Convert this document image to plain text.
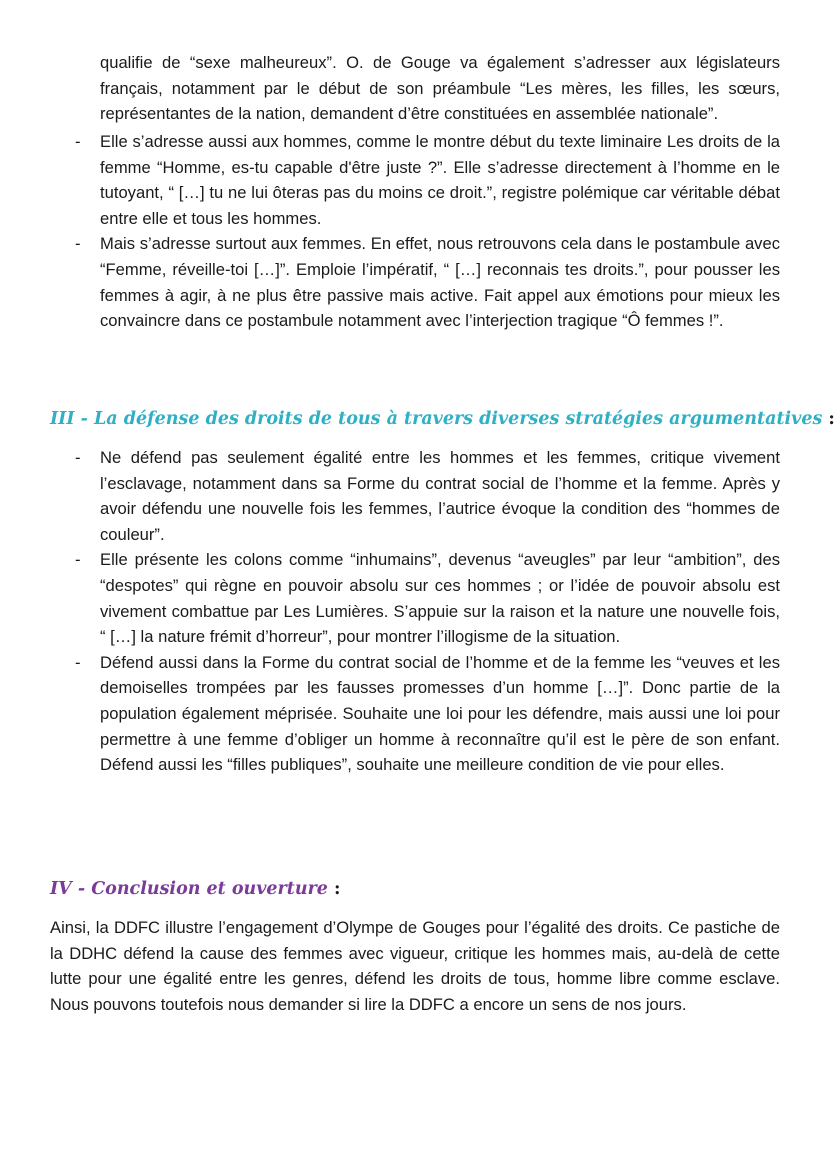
qualifie de “sexe malheureux”. O. de Gouge va également s’adresser aux législateurs français, notamment par le début de son préambule “Les mères, les filles, les sœurs, représentantes de la nation, demandent d’être constituées en assemblée nationale”.

- Elle s’adresse aussi aux hommes, comme le montre début du texte liminaire Les droits de la femme “Homme, es-tu capable d'être juste ?”. Elle s’adresse directement à l’homme en le tutoyant, “ […] tu ne lui ôteras pas du moins ce droit.”, registre polémique car véritable débat entre elle et tous les hommes.
- Mais s’adresse surtout aux femmes. En effet, nous retrouvons cela dans le postambule avec “Femme, réveille-toi […]”. Emploie l’impératif, “ […] reconnais tes droits.”, pour pousser les femmes à agir, à ne plus être passive mais active. Fait appel aux émotions pour mieux les convaincre dans ce postambule notamment avec l’interjection tragique “Ô femmes !”.
III - La défense des droits de tous à travers diverses stratégies argumentatives :
- Ne défend pas seulement égalité entre les hommes et les femmes, critique vivement l’esclavage, notamment dans sa Forme du contrat social de l’homme et la femme. Après y avoir défendu une nouvelle fois les femmes, l’autrice évoque la condition des “hommes de couleur”.
- Elle présente les colons comme “inhumains”, devenus “aveugles” par leur “ambition”, des “despotes” qui règne en pouvoir absolu sur ces hommes ; or l’idée de pouvoir absolu est vivement combattue par Les Lumières. S’appuie sur la raison et la nature une nouvelle fois, “ […] la nature frémit d’horreur”, pour montrer l’illogisme de la situation.
- Défend aussi dans la Forme du contrat social de l’homme et de la femme les “veuves et les demoiselles trompées par les fausses promesses d’un homme […]”. Donc partie de la population également méprisée. Souhaite une loi pour les défendre, mais aussi une loi pour permettre à une femme d’obliger un homme à reconnaître qu’il est le père de son enfant. Défend aussi les “filles publiques”, souhaite une meilleure condition de vie pour elles.
IV - Conclusion et ouverture :

Ainsi, la DDFC illustre l’engagement d’Olympe de Gouges pour l’égalité des droits. Ce pastiche de la DDHC défend la cause des femmes avec vigueur, critique les hommes mais, au-delà de cette lutte pour une égalité entre les genres, défend les droits de tous, homme libre comme esclave. Nous pouvons toutefois nous demander si lire la DDFC a encore un sens de nos jours.
